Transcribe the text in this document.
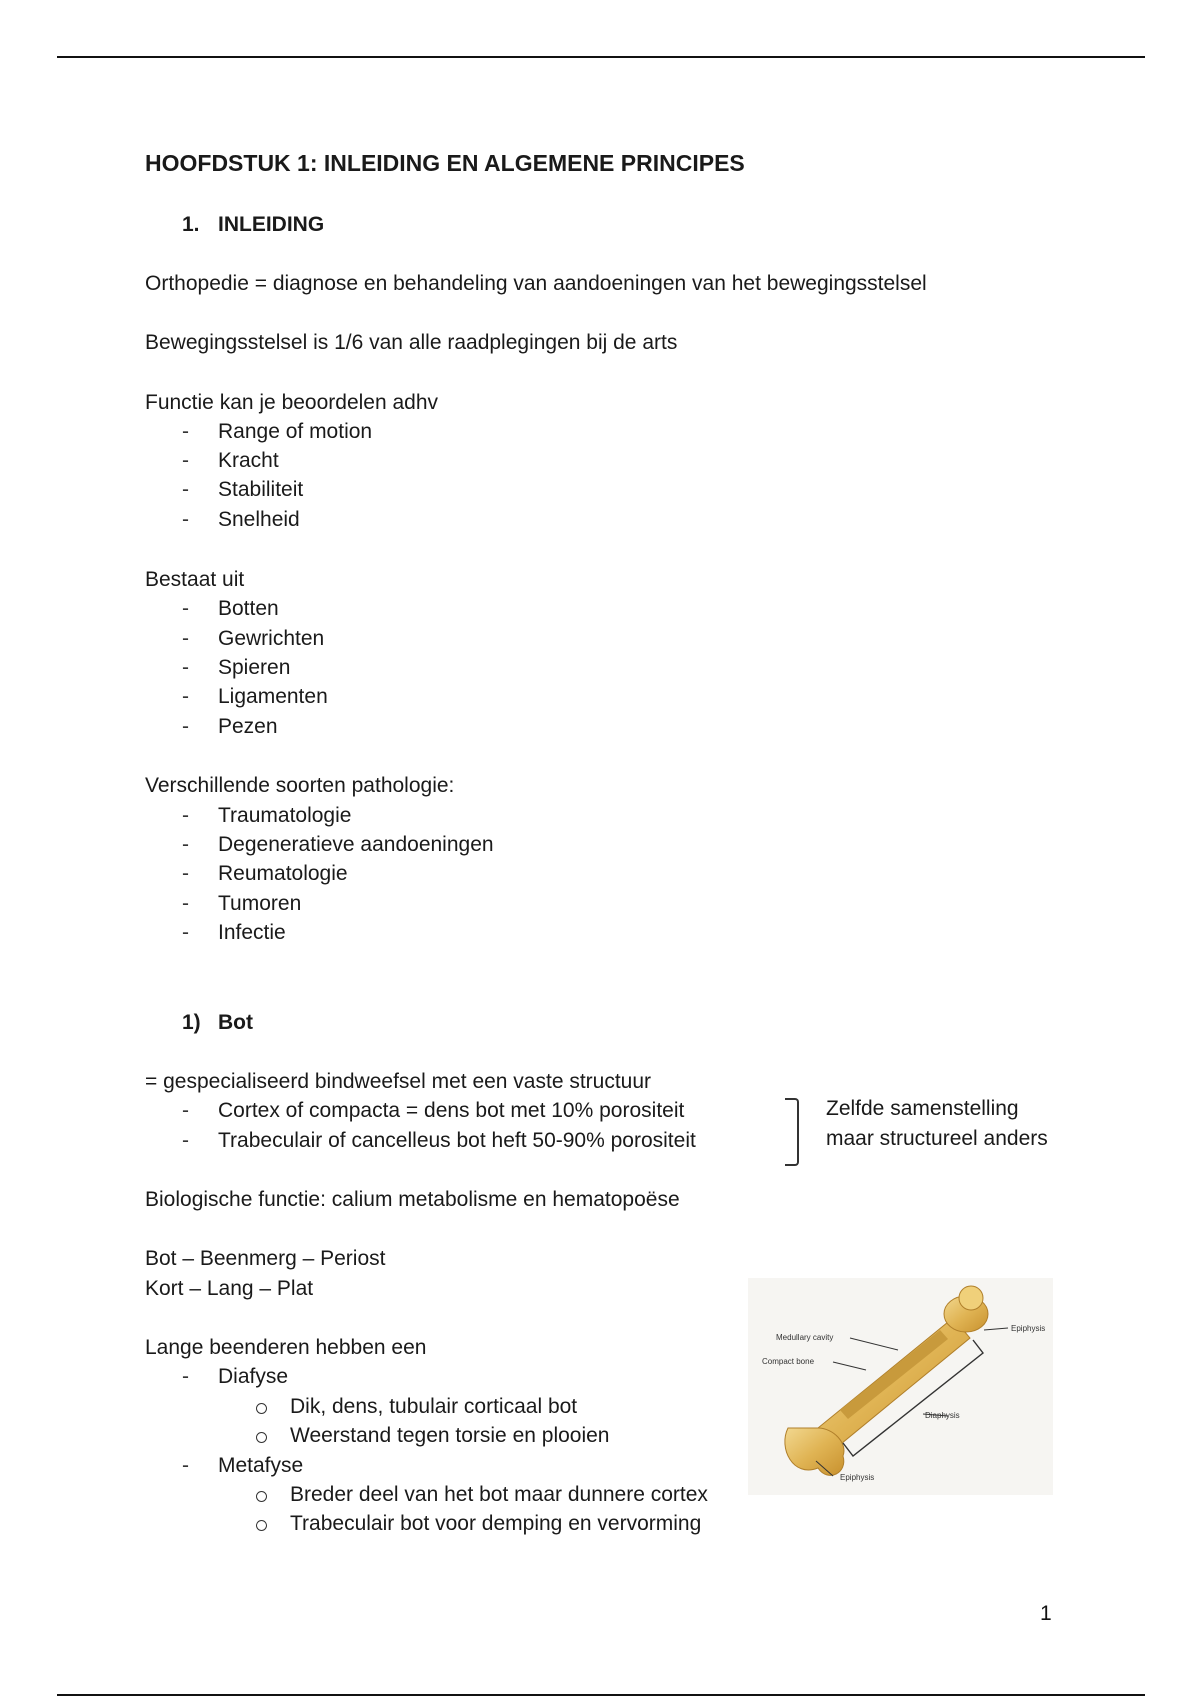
HOOFDSTUK 1: INLEIDING EN ALGEMENE PRINCIPES
1. INLEIDING
Orthopedie = diagnose en behandeling van aandoeningen van het bewegingsstelsel
Bewegingsstelsel is 1/6 van alle raadplegingen bij de arts
Functie kan je beoordelen adhv
- Range of motion
- Kracht
- Stabiliteit
- Snelheid
Bestaat uit
- Botten
- Gewrichten
- Spieren
- Ligamenten
- Pezen
Verschillende soorten pathologie:
- Traumatologie
- Degeneratieve aandoeningen
- Reumatologie
- Tumoren
- Infectie
1) Bot
= gespecialiseerd bindweefsel met een vaste structuur
- Cortex of compacta = dens bot met 10% porositeit
- Trabeculair of cancelleus bot heft 50-90% porositeit
Zelfde samenstelling
maar structureel anders
Biologische functie: calium metabolisme en hematopoëse
Bot – Beenmerg – Periost
Kort – Lang – Plat
Lange beenderen hebben een
- Diafyse
Dik, dens, tubulair corticaal bot
Weerstand tegen torsie en plooien
- Metafyse
Breder deel van het bot maar dunnere cortex
Trabeculair bot voor demping en vervorming
Medullary cavity
Compact bone
Epiphysis
Diaphysis
Epiphysis
1
